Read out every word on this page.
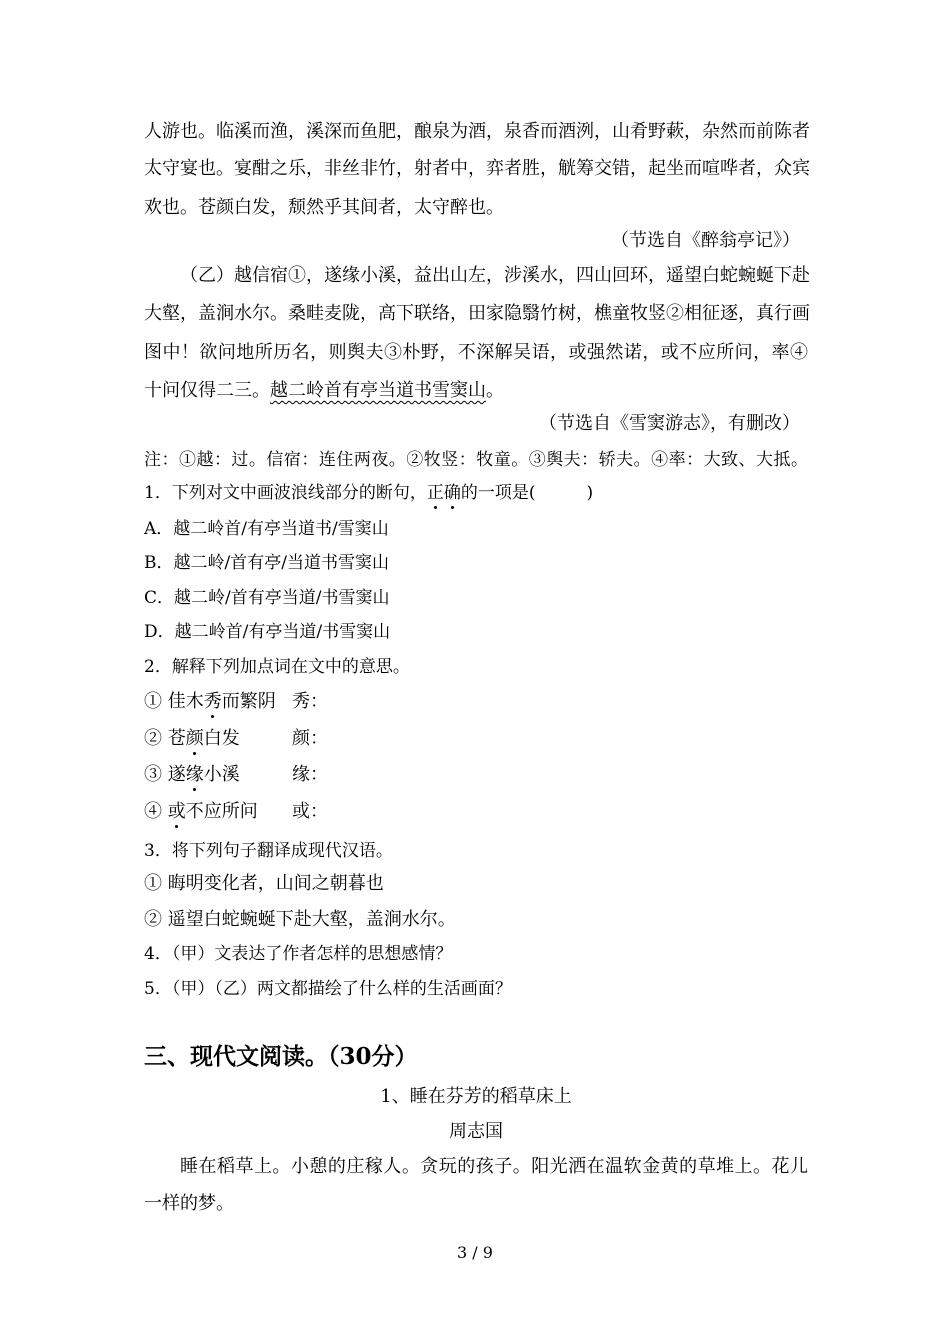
人游也。临溪而渔，溪深而鱼肥，酿泉为酒，泉香而酒洌，山肴野蔌，杂然而前陈者
太守宴也。宴酣之乐，非丝非竹，射者中，弈者胜，觥筹交错，起坐而喧哗者，众宾
欢也。苍颜白发，颓然乎其间者，太守醉也。
（节选自《醉翁亭记》）
（乙）越信宿①，遂缘小溪，益出山左，涉溪水，四山回环，遥望白蛇蜿蜒下赴
大壑，盖涧水尔。桑畦麦陇，高下联络，田家隐翳竹树，樵童牧竖②相征逐，真行画
图中！欲问地所历名，则舆夫③朴野，不深解吴语，或强然诺，或不应所问，率④
十问仅得二三。越二岭首有亭当道书雪窦山。
（节选自《雪窦游志》，有删改）
注：①越：过。信宿：连住两夜。②牧竖：牧童。③舆夫：轿夫。④率：大致、大抵。
1．下列对文中画波浪线部分的断句，正确的一项是(　　　)
A．越二岭首/有亭当道书/雪窦山
B．越二岭/首有亭/当道书雪窦山
C．越二岭/首有亭当道/书雪窦山
D．越二岭首/有亭当道/书雪窦山
2．解释下列加点词在文中的意思。
① 佳木秀而繁阴 秀：
② 苍颜白发	颜：
③ 遂缘小溪	缘：
④ 或不应所问 或：
3．将下列句子翻译成现代汉语。
① 晦明变化者，山间之朝暮也
② 遥望白蛇蜿蜒下赴大壑，盖涧水尔。
4．（甲）文表达了作者怎样的思想感情？
5．（甲）（乙）两文都描绘了什么样的生活画面？
三、现代文阅读。（30分）
1、睡在芬芳的稻草床上
周志国
睡在稻草上。小憩的庄稼人。贪玩的孩子。阳光洒在温软金黄的草堆上。花儿
一样的梦。
3 / 9
